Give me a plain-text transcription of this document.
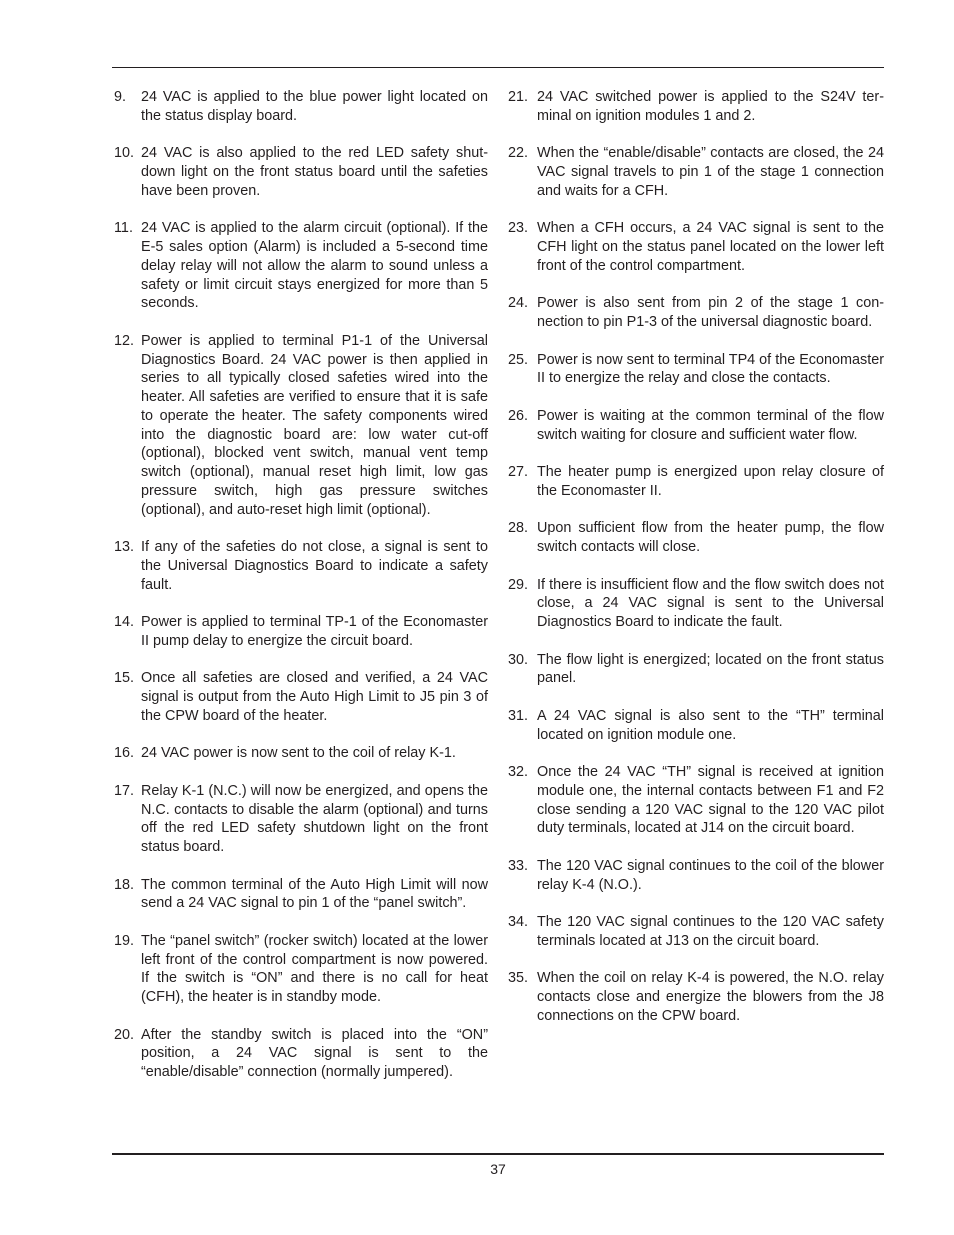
9.	24 VAC is applied to the blue power light located on the status display board.
10. 24 VAC is also applied to the red LED safety shutdown light on the front status board until the safeties have been proven.
11. 24 VAC is applied to the alarm circuit (optional). If the E-5 sales option (Alarm) is included a 5-second time delay relay will not allow the alarm to sound unless a safety or limit circuit stays energized for more than 5 seconds.
12. Power is applied to terminal P1-1 of the Universal Diagnostics Board. 24 VAC power is then applied in series to all typically closed safeties wired into the heater. All safeties are verified to ensure that it is safe to operate the heater. The safety components wired into the diagnostic board are: low water cut-off (optional), blocked vent switch, manual vent temp switch (optional), manual reset high limit, low gas pressure switch, high gas pressure switches (optional), and auto-reset high limit (optional).
13. If any of the safeties do not close, a signal is sent to the Universal Diagnostics Board to indicate a safety fault.
14. Power is applied to terminal TP-1 of the Economaster II pump delay to energize the circuit board.
15. Once all safeties are closed and verified, a 24 VAC signal is output from the Auto High Limit to J5 pin 3 of the CPW board of the heater.
16. 24 VAC power is now sent to the coil of relay K-1.
17. Relay K-1 (N.C.) will now be energized, and opens the N.C. contacts to disable the alarm (optional) and turns off the red LED safety shutdown light on the front status board.
18. The common terminal of the Auto High Limit will now send a 24 VAC signal to pin 1 of the “panel switch”.
19. The “panel switch” (rocker switch) located at the lower left front of the control compartment is now powered. If the switch is “ON” and there is no call for heat (CFH), the heater is in standby mode.
20. After the standby switch is placed into the “ON” position, a 24 VAC signal is sent to the “enable/disable” connection (normally jumpered).
21. 24 VAC switched power is applied to the S24V terminal on ignition modules 1 and 2.
22. When the “enable/disable” contacts are closed, the 24 VAC signal travels to pin 1 of the stage 1 connection and waits for a CFH.
23. When a CFH occurs, a 24 VAC signal is sent to the CFH light on the status panel located on the lower left front of the control compartment.
24. Power is also sent from pin 2 of the stage 1 connection to pin P1-3 of the universal diagnostic board.
25. Power is now sent to terminal TP4 of the Economaster II to energize the relay and close the contacts.
26. Power is waiting at the common terminal of the flow switch waiting for closure and sufficient water flow.
27. The heater pump is energized upon relay closure of the Economaster II.
28. Upon sufficient flow from the heater pump, the flow switch contacts will close.
29. If there is insufficient flow and the flow switch does not close, a 24 VAC signal is sent to the Universal Diagnostics Board to indicate the fault.
30. The flow light is energized; located on the front status panel.
31. A 24 VAC signal is also sent to the “TH” terminal located on ignition module one.
32. Once the 24 VAC “TH” signal is received at ignition module one, the internal contacts between F1 and F2 close sending a 120 VAC signal to the 120 VAC pilot duty terminals, located at J14 on the circuit board.
33. The 120 VAC signal continues to the coil of the blower relay K-4 (N.O.).
34. The 120 VAC signal continues to the 120 VAC safety terminals located at J13 on the circuit board.
35. When the coil on relay K-4 is powered, the N.O. relay contacts close and energize the blowers from the J8 connections on the CPW board.
37
